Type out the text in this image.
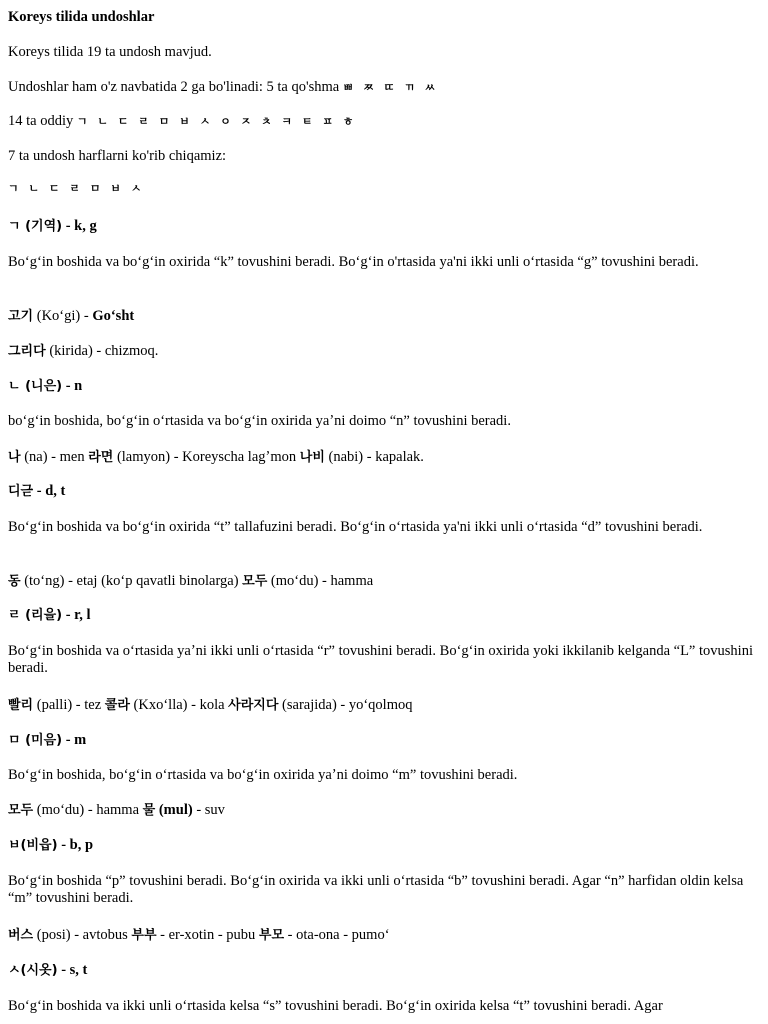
Koreys tilida undoshlar
Koreys tilida 19 ta undosh mavjud.
Undoshlar ham o'z navbatida 2 ga bo'linadi: 5 ta qo'shma ㅃ ㅉ ㄸ ㄲ ㅆ
14 ta oddiy ㄱ ㄴ ㄷ ㄹ ㅁ ㅂ ㅅ ㅇ ㅈ ㅊ ㅋ ㅌ ㅍ ㅎ
7 ta undosh harflarni ko'rib chiqamiz:
ㄱ ㄴ ㄷ ㄹ ㅁ ㅂ ㅅ
ㄱ (기역) - k, g
Boʻgʻin boshida va boʻgʻin oxirida “k” tovushini beradi. Boʻgʻin o'rtasida ya'ni ikki unli oʻrtasida “g” tovushini beradi.
고기 (Koʻgi) - Goʻsht
그리다 (kirida) - chizmoq.
ㄴ (니은) - n
boʻgʻin boshida, boʻgʻin oʻrtasida va boʻgʻin oxirida yaʼni doimo “n” tovushini beradi.
나 (na) - men 라면 (lamyon) - Koreyscha lagʼmon 나비 (nabi) - kapalak.
디귿 - d, t
Boʻgʻin boshida va boʻgʻin oxirida “t” tallafuzini beradi. Boʻgʻin oʻrtasida ya'ni ikki unli oʻrtasida “d” tovushini beradi.
동 (toʻng) - etaj (koʻp qavatli binolarga) 모두 (moʻdu) - hamma
ㄹ (리을) - r, l
Boʻgʻin boshida va oʻrtasida yaʼni ikki unli oʻrtasida “r” tovushini beradi. Boʻgʻin oxirida yoki ikkilanib kelganda “L” tovushini beradi.
빨리 (palli) - tez 콜라 (Kxoʻlla) - kola 사라지다 (sarajida) - yoʻqolmoq
ㅁ (미음) - m
Boʻgʻin boshida, boʻgʻin oʻrtasida va boʻgʻin oxirida yaʼni doimo “m” tovushini beradi.
모두 (moʻdu) - hamma 물 (mul) - suv
ㅂ(비읍) - b, p
Boʻgʻin boshida “p” tovushini beradi. Boʻgʻin oxirida va ikki unli oʻrtasida “b” tovushini beradi. Agar “n” harfidan oldin kelsa “m” tovushini beradi.
버스 (posi) - avtobus 부부 - er-xotin - pubu 부모 - ota-ona - pumoʻ
ㅅ(시옷) - s, t
Boʻgʻin boshida va ikki unli oʻrtasida kelsa “s” tovushini beradi. Boʻgʻin oxirida kelsa “t” tovushini beradi. Agar
